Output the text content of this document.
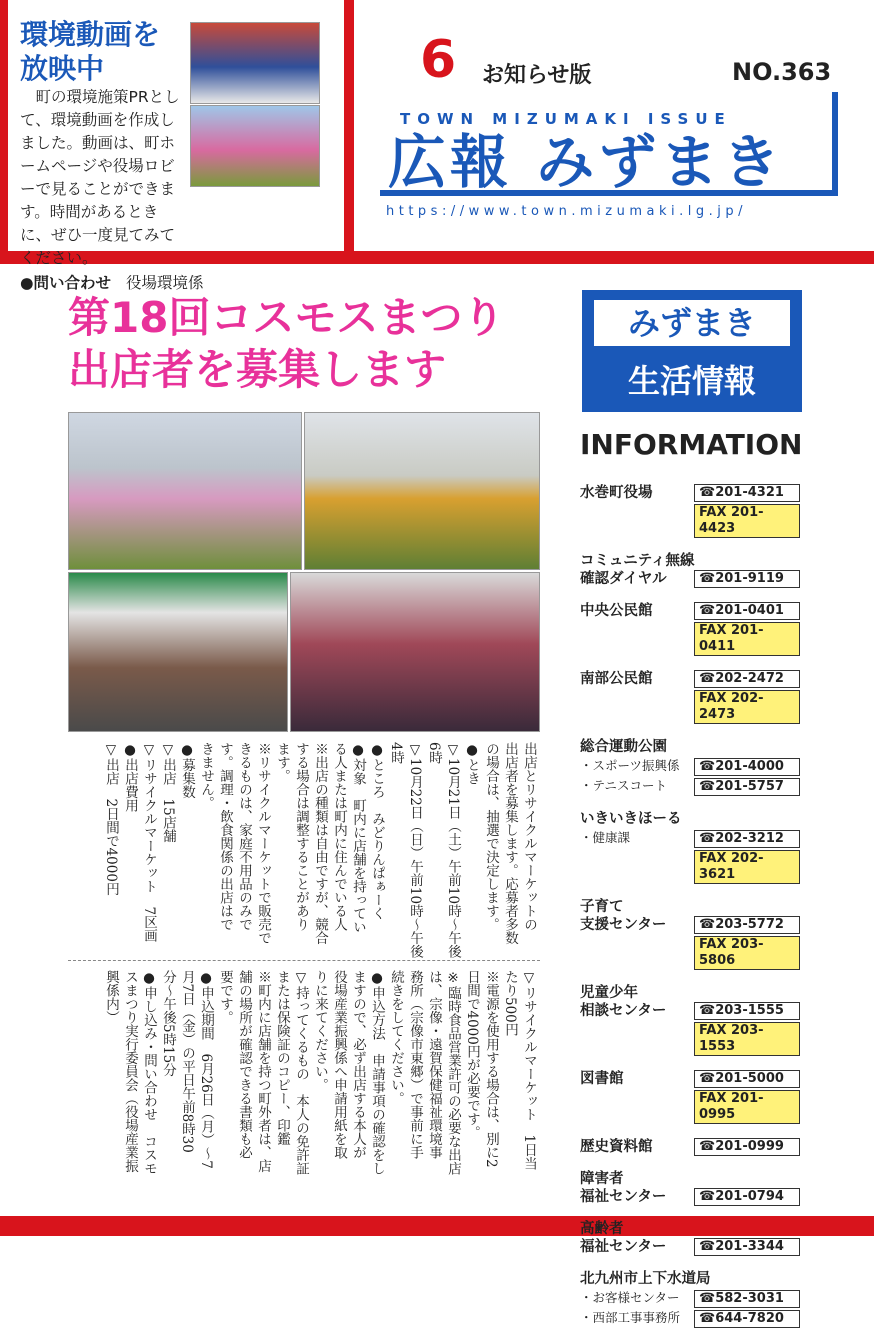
環境動画を
放映中
　町の環境施策PRとして、環境動画を作成しました。動画は、町ホームページや役場ロビーで見ることができます。時間があるときに、ぜひ一度見てみてください。
●問い合わせ 役場環境係
6 お知らせ版	NO.363
TOWN MIZUMAKI ISSUE
広報 みずまき
https://www.town.mizumaki.lg.jp/
第18回コスモスまつり
出店者を募集します
出店とリサイクルマーケットの
出店者を募集します。応募者多数
の場合は、抽選で決定します。
●とき
▽10月21日（土）午前10時〜午後
6時
▽10月22日（日）午前10時〜午後
4時
●ところ　みどりんぱぁーく
●対象　町内に店舗を持ってい
る人または町内に住んでいる人
※出店の種類は自由ですが、競合
する場合は調整することがあり
ます。
※リサイクルマーケットで販売で
きるものは、家庭不用品のみで
す。調理・飲食関係の出店はで
きません。
●募集数
▽出店　15店舗
▽リサイクルマーケット　7区画
●出店費用
▽出店　2日間で4000円
▽リサイクルマーケット　1日当
たり500円
※電源を使用する場合は、別に2
日間で4000円が必要です。
※臨時食品営業許可の必要な出店
は、宗像・遠賀保健福祉環境事
務所（宗像市東郷）で事前に手
続きをしてください。
●申込方法　申請事項の確認をし
ますので、必ず出店する本人が
役場産業振興係へ申請用紙を取
りに来てください。
▽持ってくるもの　本人の免許証
または保険証のコピー、印鑑
※町内に店舗を持つ町外者は、店
舗の場所が確認できる書類も必
要です。
●申込期間　6月26日（月）〜7
月7日（金）の平日午前8時30
分〜午後5時15分
●申し込み・問い合わせ　コスモ
スまつり実行委員会（役場産業振
興係内）
みずまき
生活情報
INFORMATION
水巻町役場	☎201-4321
FAX 201-4423
コミュニティ無線
確認ダイヤル	☎201-9119
中央公民館	☎201-0401
FAX 201-0411
南部公民館	☎202-2472
FAX 202-2473
総合運動公園
・スポーツ振興係	☎201-4000
・テニスコート	☎201-5757
いきいきほーる
・健康課	☎202-3212
FAX 202-3621
子育て
支援センター	☎203-5772
FAX 203-5806
児童少年
相談センター	☎203-1555
FAX 203-1553
図書館	☎201-5000
FAX 201-0995
歴史資料館	☎201-0999
障害者
福祉センター	☎201-0794
高齢者
福祉センター	☎201-3344
北九州市上下水道局
・お客様センター	☎582-3031
・西部工事事務所	☎644-7820
